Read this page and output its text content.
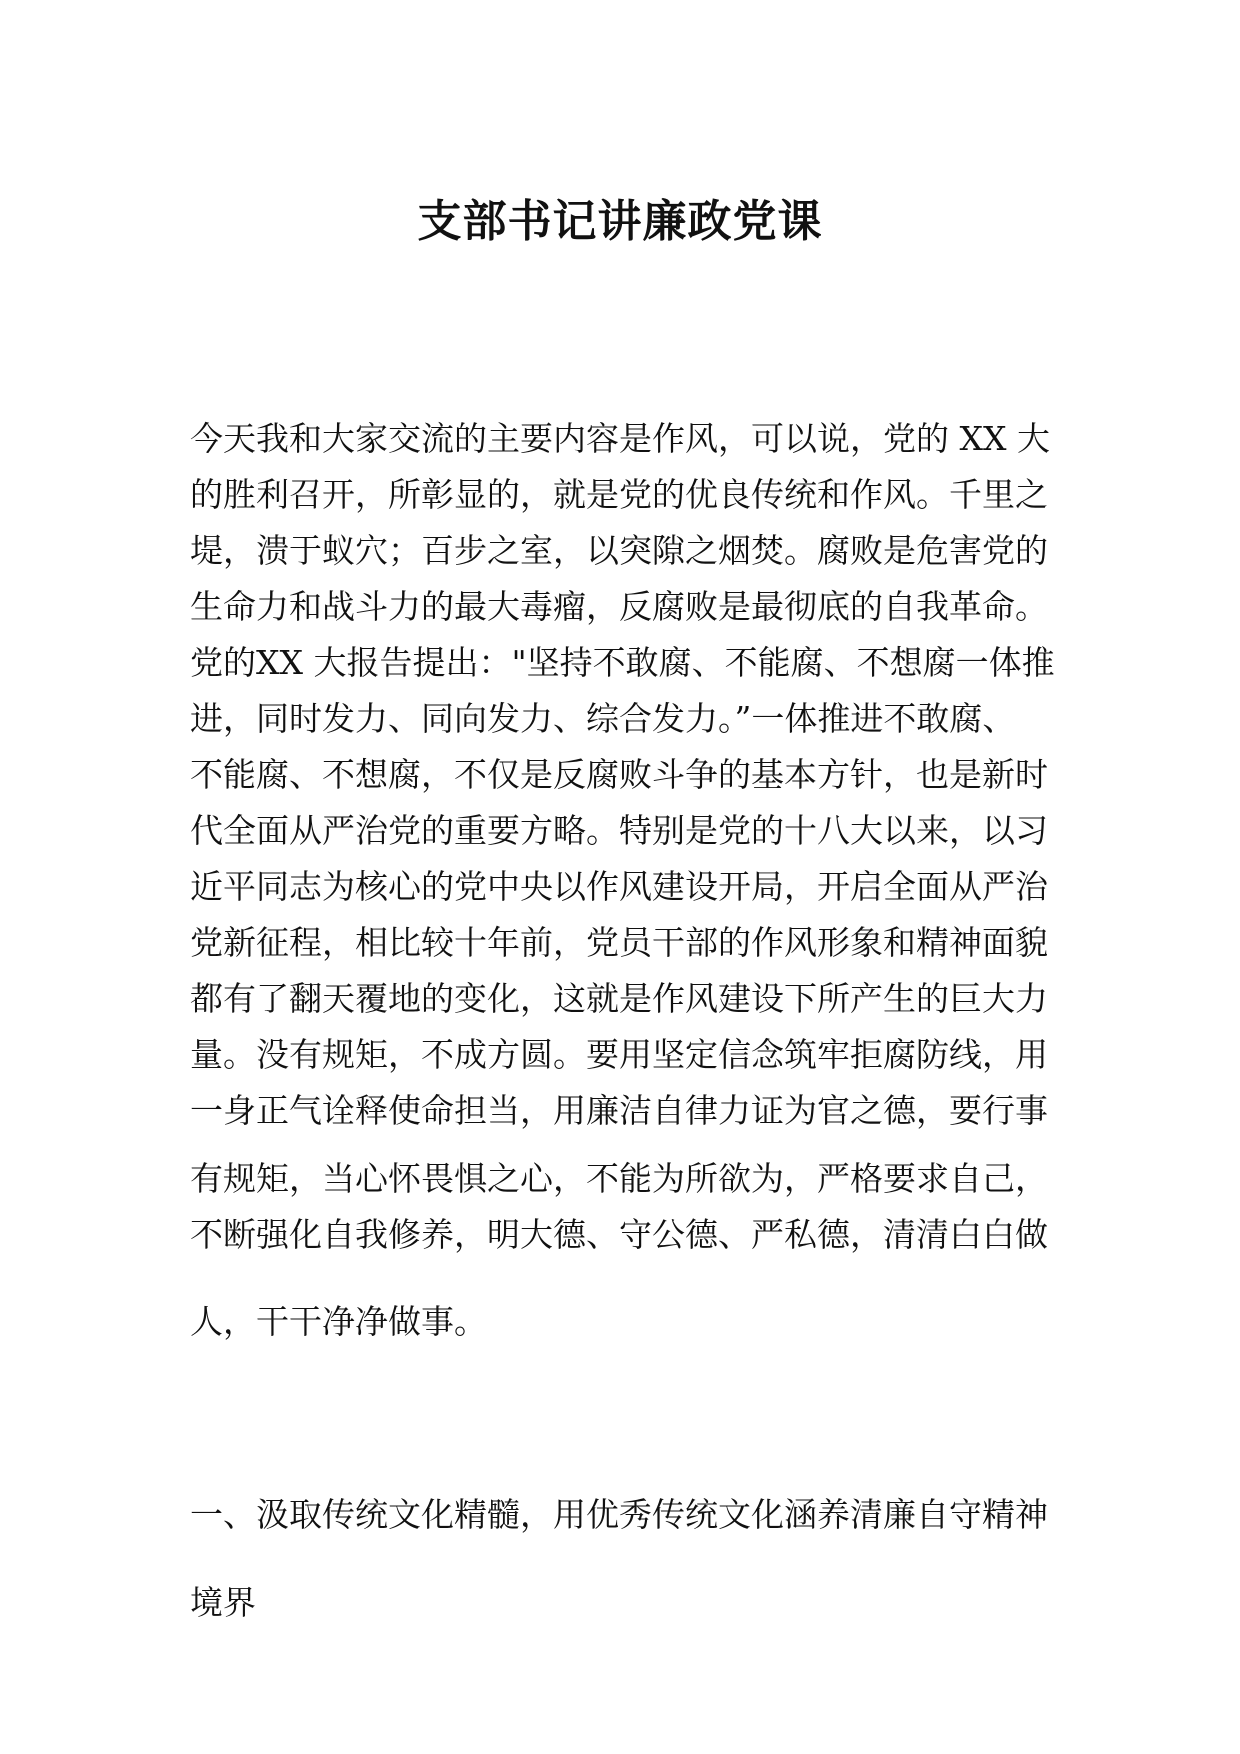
支部书记讲廉政党课

今天我和大家交流的主要内容是作风，可以说，党的 XX 大

的胜利召开，所彰显的，就是党的优良传统和作风。千里之

堤，溃于蚁穴；百步之室，以突隙之烟焚。腐败是危害党的

生命力和战斗力的最大毒瘤，反腐败是最彻底的自我革命。

党的XX 大报告提出："坚持不敢腐、不能腐、不想腐一体推

进，同时发力、同向发力、综合发力。”一体推进不敢腐、

不能腐、不想腐，不仅是反腐败斗争的基本方针，也是新时

代全面从严治党的重要方略。特别是党的十八大以来，以习

近平同志为核心的党中央以作风建设开局，开启全面从严治

党新征程，相比较十年前，党员干部的作风形象和精神面貌

都有了翻天覆地的变化，这就是作风建设下所产生的巨大力

量。没有规矩，不成方圆。要用坚定信念筑牢拒腐防线，用

一身正气诠释使命担当，用廉洁自律力证为官之德，要行事

有规矩，当心怀畏惧之心，不能为所欲为，严格要求自己，

不断强化自我修养，明大德、守公德、严私德，清清白白做

人，干干净净做事。

一、汲取传统文化精髓，用优秀传统文化涵养清廉自守精神

境界
